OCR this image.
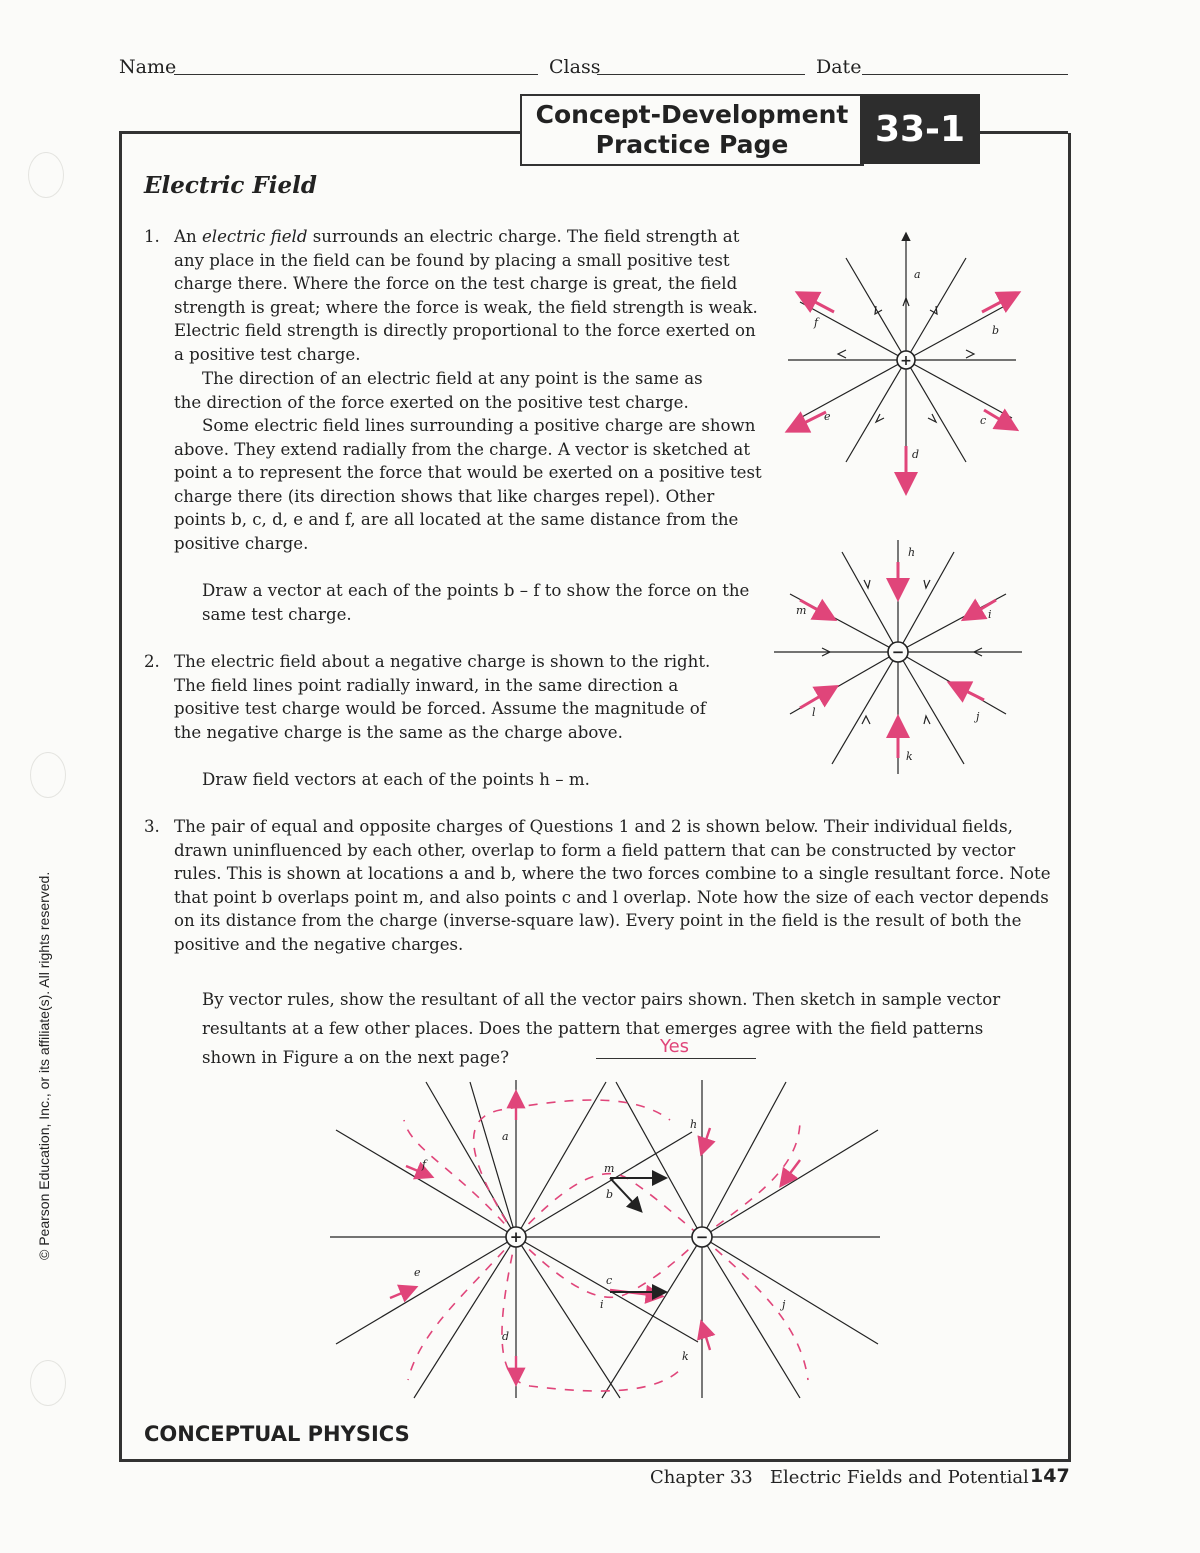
Name	Class	Date
Concept-Development
Practice Page	33-1
Electric Field
1. An electric field surrounds an electric charge. The field strength at any place in the field can be found by placing a small positive test charge there. Where the force on the test charge is great, the field strength is great; where the force is weak, the field strength is weak. Electric field strength is directly proportional to the force exerted on a positive test charge.
The direction of an electric field at any point is the same as the direction of the force exerted on the positive test charge.
Some electric field lines surrounding a positive charge are shown above. They extend radially from the charge. A vector is sketched at point a to represent the force that would be exerted on a positive test charge there (its direction shows that like charges repel). Other points b, c, d, e and f, are all located at the same distance from the positive charge.
Draw a vector at each of the points b – f to show the force on the same test charge.
2. The electric field about a negative charge is shown to the right. The field lines point radially inward, in the same direction a positive test charge would be forced. Assume the magnitude of the negative charge is the same as the charge above.
Draw field vectors at each of the points h – m.
3. The pair of equal and opposite charges of Questions 1 and 2 is shown below. Their individual fields, drawn uninfluenced by each other, overlap to form a field pattern that can be constructed by vector rules. This is shown at locations a and b, where the two forces combine to a single resultant force. Note that point b overlaps point m, and also points c and l overlap. Note how the size of each vector depends on its distance from the charge (inverse-square law). Every point in the field is the result of both the positive and the negative charges.
By vector rules, show the resultant of all the vector pairs shown. Then sketch in sample vector resultants at a few other places. Does the pattern that emerges agree with the field patterns shown in Figure a on the next page?
Yes
+
a
b
c
d
e
f
−
h
i
j
k
l
m
+	−
a
b
c
d
e
f
h
i	j
k
m
CONCEPTUAL PHYSICS
Chapter 33   Electric Fields and Potential 147
© Pearson Education, Inc., or its affiliate(s). All rights reserved.
